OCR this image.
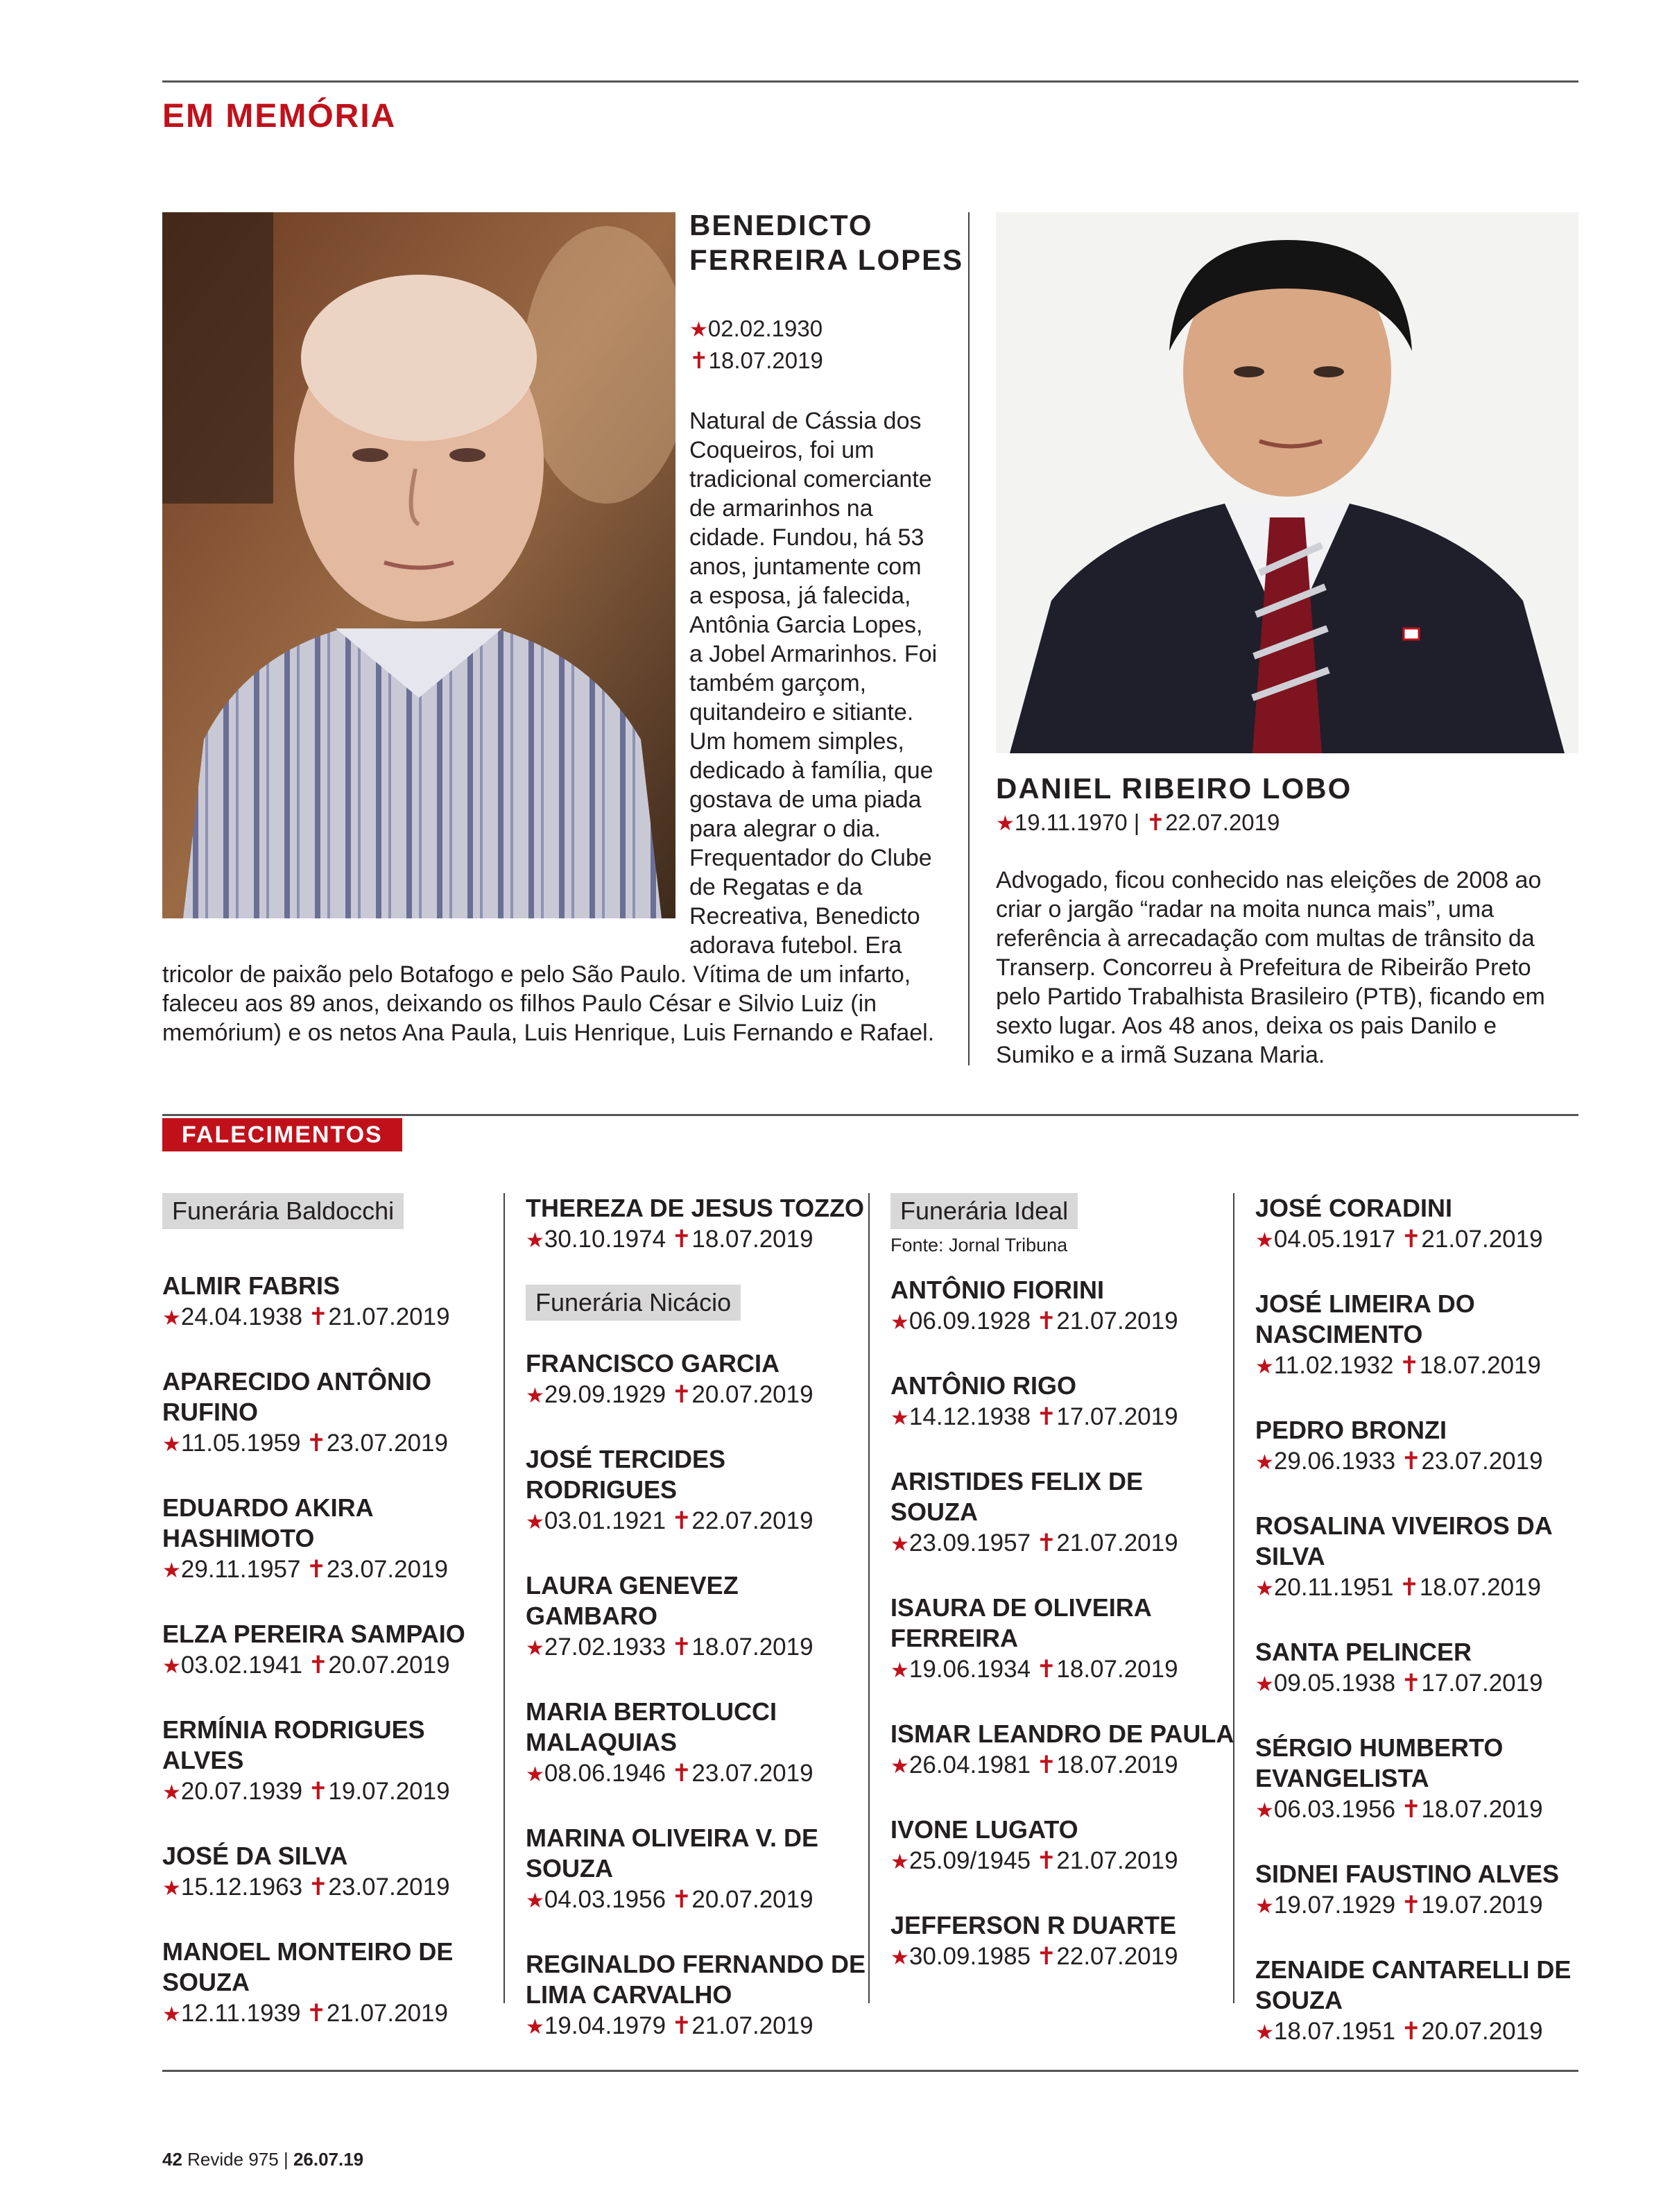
EM MEMÓRIA
BENEDICTO FERREIRA LOPES
★02.02.1930
✝18.07.2019

Natural de Cássia dos Coqueiros, foi um tradicional comerciante de armarinhos na cidade. Fundou, há 53 anos, juntamente com a esposa, já falecida, Antônia Garcia Lopes, a Jobel Armarinhos. Foi também garçom, quitandeiro e sitiante. Um homem simples, dedicado à família, que gostava de uma piada para alegrar o dia. Frequentador do Clube de Regatas e da Recreativa, Benedicto adorava futebol. Era tricolor de paixão pelo Botafogo e pelo São Paulo. Vítima de um infarto, faleceu aos 89 anos, deixando os filhos Paulo César e Silvio Luiz (in memórium) e os netos Ana Paula, Luis Henrique, Luis Fernando e Rafael.

DANIEL RIBEIRO LOBO
★19.11.1970 | ✝22.07.2019

Advogado, ficou conhecido nas eleições de 2008 ao criar o jargão “radar na moita nunca mais”, uma referência à arrecadação com multas de trânsito da Transerp. Concorreu à Prefeitura de Ribeirão Preto pelo Partido Trabalhista Brasileiro (PTB), ficando em sexto lugar. Aos 48 anos, deixa os pais Danilo e Sumiko e a irmã Suzana Maria.

FALECIMENTOS
Funerária Baldocchi
ALMIR FABRIS
★24.04.1938 ✝21.07.2019
APARECIDO ANTÔNIO RUFINO
★11.05.1959 ✝23.07.2019
EDUARDO AKIRA HASHIMOTO
★29.11.1957 ✝23.07.2019
ELZA PEREIRA SAMPAIO
★03.02.1941 ✝20.07.2019
ERMÍNIA RODRIGUES ALVES
★20.07.1939 ✝19.07.2019
JOSÉ DA SILVA
★15.12.1963 ✝23.07.2019
MANOEL MONTEIRO DE SOUZA
★12.11.1939 ✝21.07.2019
THEREZA DE JESUS TOZZO
★30.10.1974 ✝18.07.2019
Funerária Nicácio
FRANCISCO GARCIA
★29.09.1929 ✝20.07.2019
JOSÉ TERCIDES RODRIGUES
★03.01.1921 ✝22.07.2019
LAURA GENEVEZ GAMBARO
★27.02.1933 ✝18.07.2019
MARIA BERTOLUCCI MALAQUIAS
★08.06.1946 ✝23.07.2019
MARINA OLIVEIRA V. DE SOUZA
★04.03.1956 ✝20.07.2019
REGINALDO FERNANDO DE LIMA CARVALHO
★19.04.1979 ✝21.07.2019
Funerária Ideal

Fonte: Jornal Tribuna

ANTÔNIO FIORINI
★06.09.1928 ✝21.07.2019
ANTÔNIO RIGO
★14.12.1938 ✝17.07.2019
ARISTIDES FELIX DE SOUZA
★23.09.1957 ✝21.07.2019
ISAURA DE OLIVEIRA FERREIRA
★19.06.1934 ✝18.07.2019
ISMAR LEANDRO DE PAULA
★26.04.1981 ✝18.07.2019
IVONE LUGATO
★25.09/1945 ✝21.07.2019
JEFFERSON R DUARTE
★30.09.1985 ✝22.07.2019
JOSÉ CORADINI
★04.05.1917 ✝21.07.2019
JOSÉ LIMEIRA DO NASCIMENTO
★11.02.1932 ✝18.07.2019
PEDRO BRONZI
★29.06.1933 ✝23.07.2019
ROSALINA VIVEIROS DA SILVA
★20.11.1951 ✝18.07.2019
SANTA PELINCER
★09.05.1938 ✝17.07.2019
SÉRGIO HUMBERTO EVANGELISTA
★06.03.1956 ✝18.07.2019
SIDNEI FAUSTINO ALVES
★19.07.1929 ✝19.07.2019
ZENAIDE CANTARELLI DE SOUZA
★18.07.1951 ✝20.07.2019
42 Revide 975 | 26.07.19
